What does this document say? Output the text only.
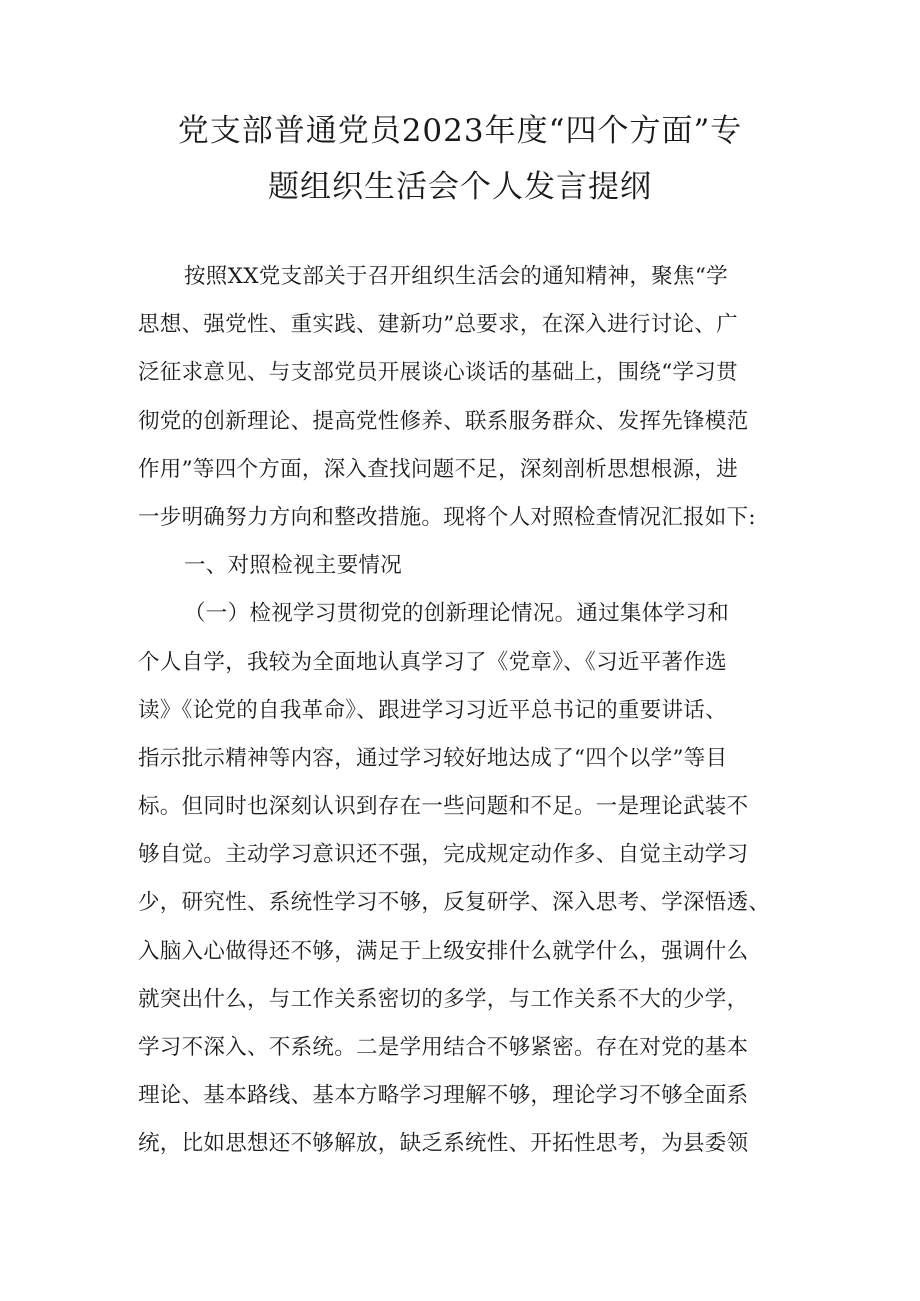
党支部普通党员2023年度“四个方面”专
题组织生活会个人发言提纲
按照XX党支部关于召开组织生活会的通知精神，聚焦“学
思想、强党性、重实践、建新功”总要求，在深入进行讨论、广
泛征求意见、与支部党员开展谈心谈话的基础上，围绕“学习贯
彻党的创新理论、提高党性修养、联系服务群众、发挥先锋模范
作用”等四个方面，深入查找问题不足，深刻剖析思想根源，进
一步明确努力方向和整改措施。现将个人对照检查情况汇报如下:
一、对照检视主要情况
（一）检视学习贯彻党的创新理论情况。通过集体学习和
个人自学，我较为全面地认真学习了《党章》、《习近平著作选
读》《论党的自我革命》、跟进学习习近平总书记的重要讲话、
指示批示精神等内容，通过学习较好地达成了“四个以学”等目
标。但同时也深刻认识到存在一些问题和不足。一是理论武装不
够自觉。主动学习意识还不强，完成规定动作多、自觉主动学习
少，研究性、系统性学习不够，反复研学、深入思考、学深悟透、
入脑入心做得还不够，满足于上级安排什么就学什么，强调什么
就突出什么，与工作关系密切的多学，与工作关系不大的少学，
学习不深入、不系统。二是学用结合不够紧密。存在对党的基本
理论、基本路线、基本方略学习理解不够，理论学习不够全面系
统，比如思想还不够解放，缺乏系统性、开拓性思考，为县委领
